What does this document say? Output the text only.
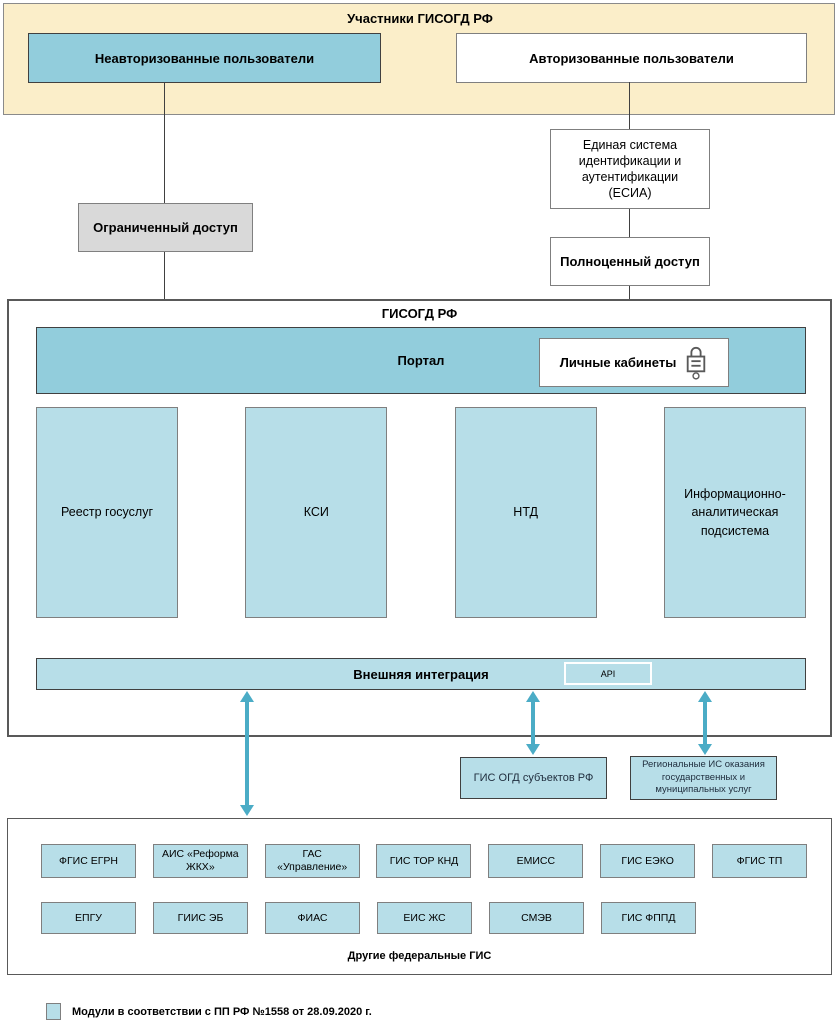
Участники ГИСОГД РФ
Неавторизованные пользователи	Авторизованные пользователи
Ограниченный доступ
Единая система идентификации и аутентификации (ЕСИА)
Полноценный доступ
ГИСОГД РФ
Портал	Личные кабинеты
Реестр госуслуг	КСИ	НТД
Информационно-аналитическая подсистема
Внешняя интеграция	API
ГИС ОГД субъектов РФ
Региональные ИС оказания государственных и муниципальных услуг
ФГИС ЕГРН
АИС «Реформа ЖКХ»
ГАС «Управление»
ГИС ТОР КНД	ЕМИСС	ГИС ЕЭКО	ФГИС ТП
ЕПГУ	ГИИС ЭБ	ФИАС	ЕИС ЖС	СМЭВ	ГИС ФППД
Другие федеральные ГИС
Модули в соответствии с ПП РФ №1558 от 28.09.2020 г.
